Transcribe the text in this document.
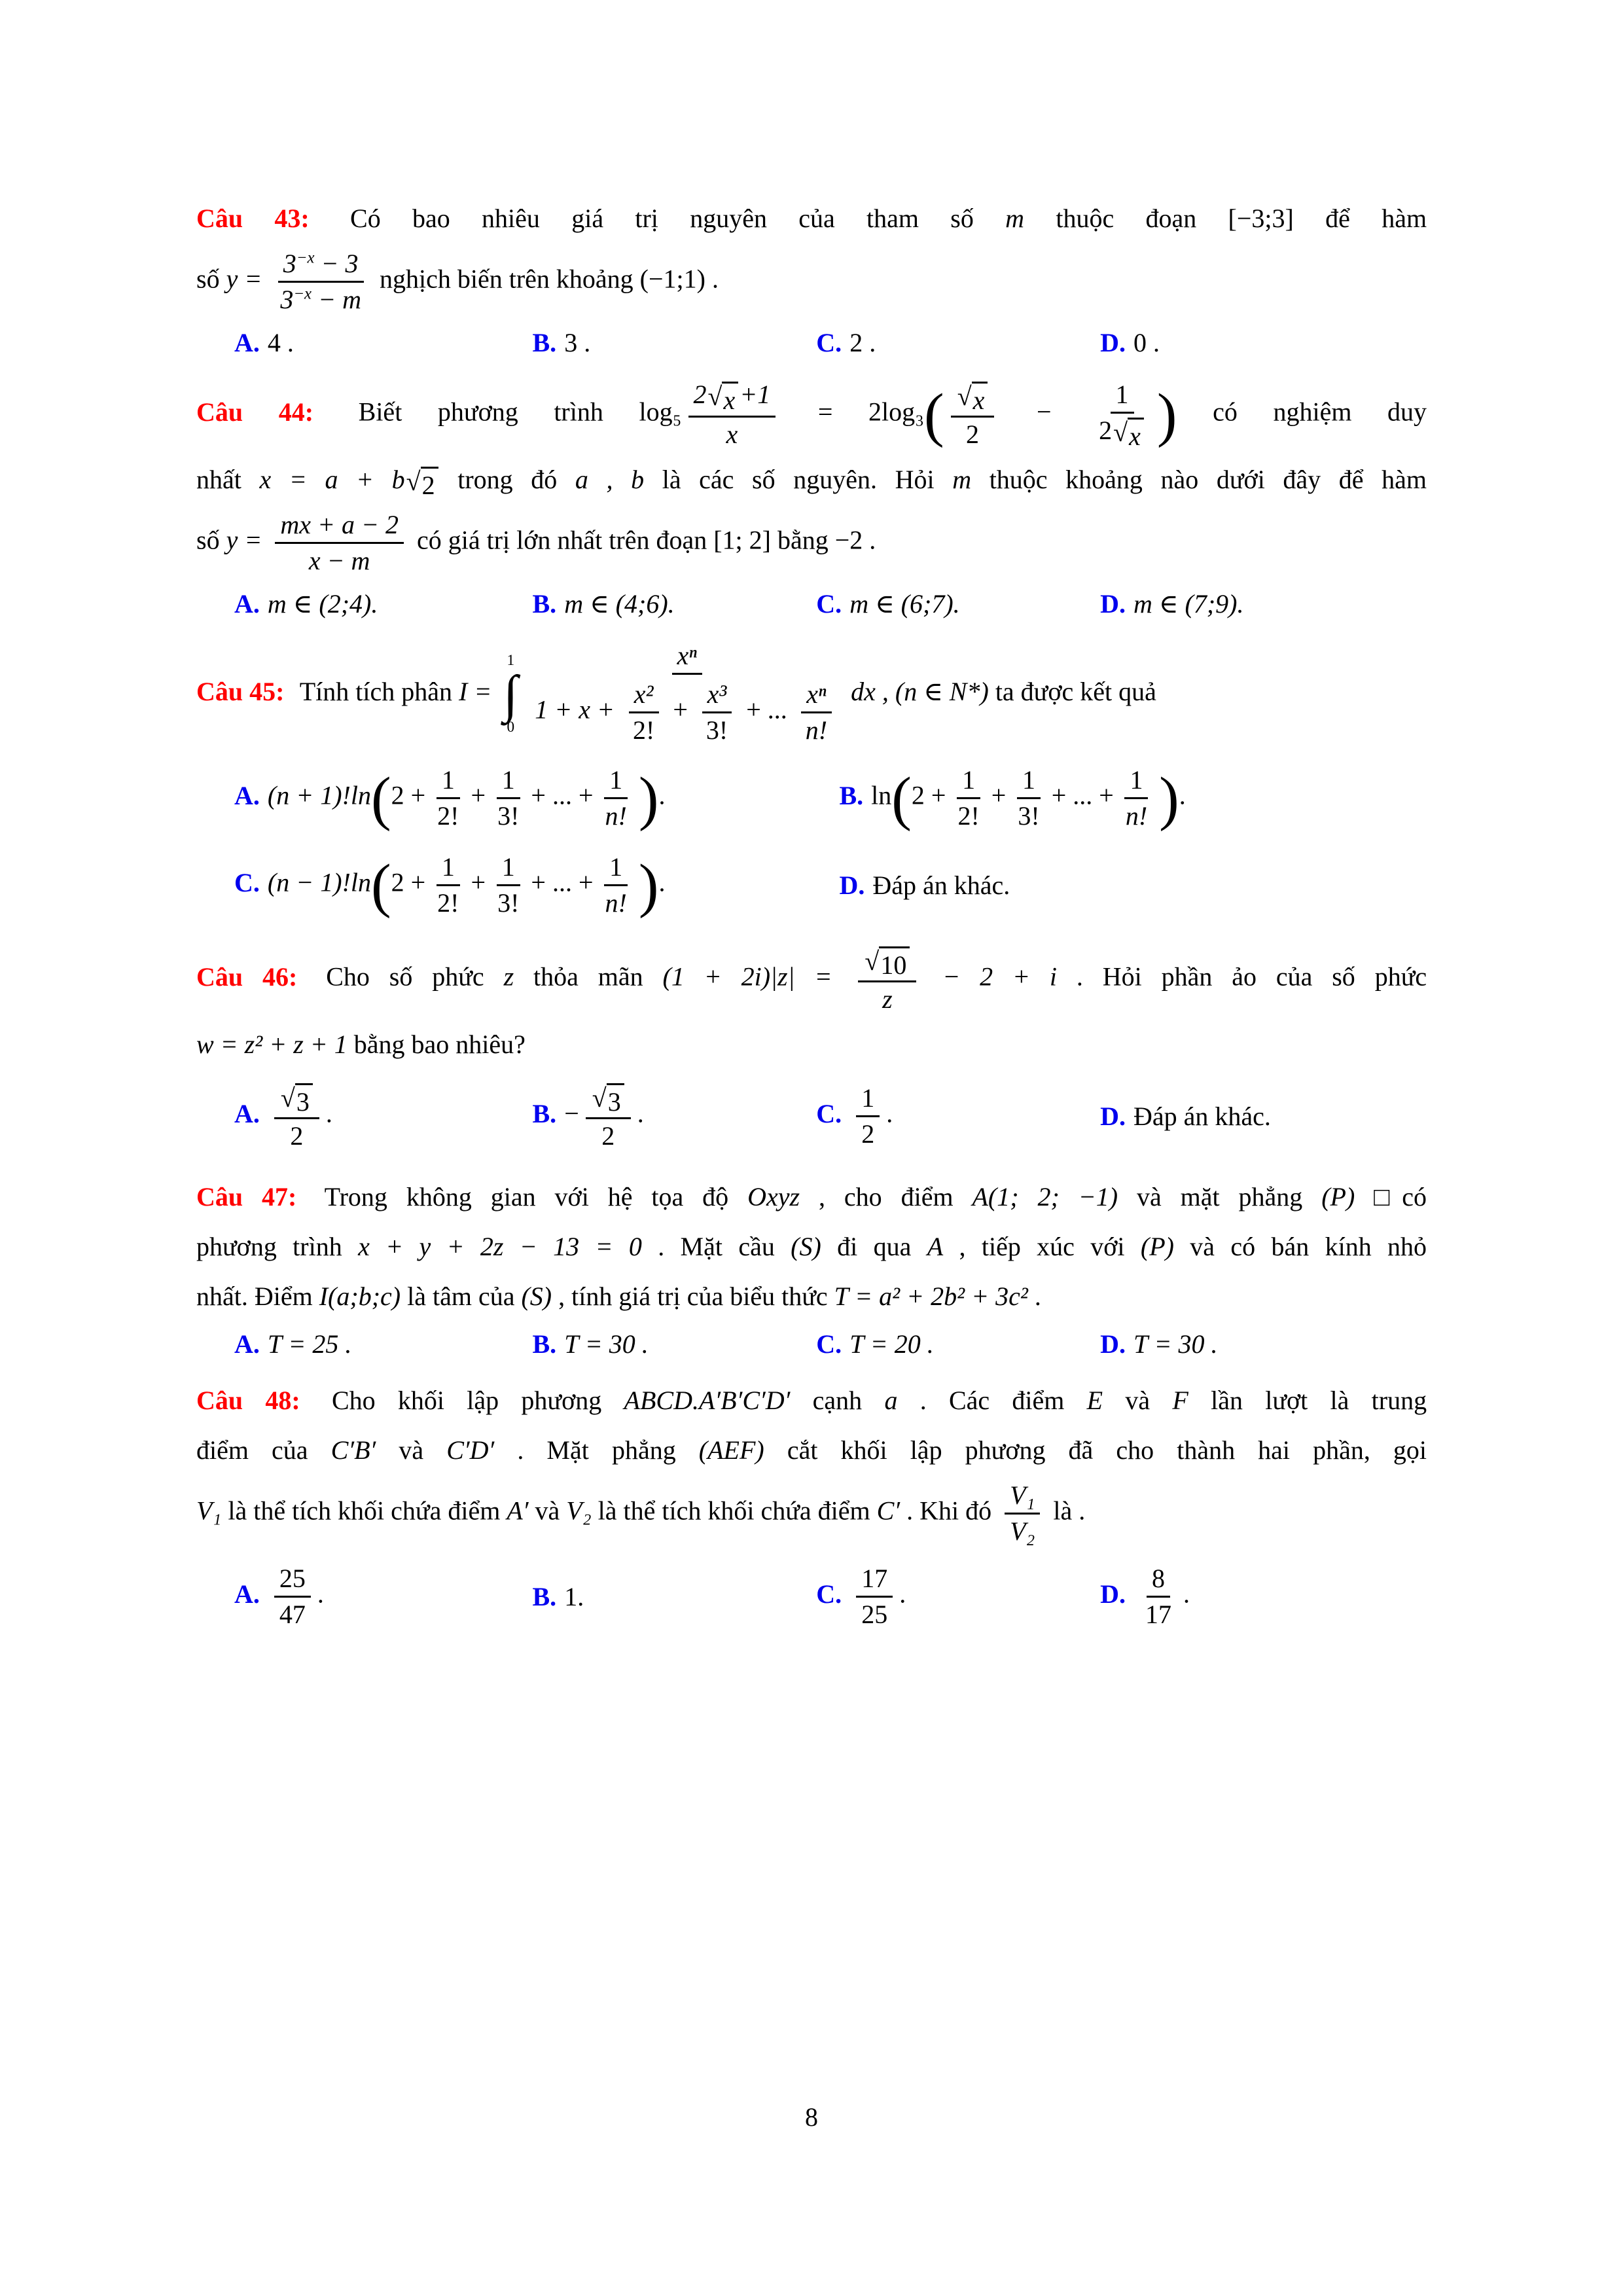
Câu 43: Có bao nhiêu giá trị nguyên của tham số m thuộc đoạn [−3;3] để hàm
số $y = \frac{3^{-x} - 3}{3^{-x} - m}$ nghịch biến trên khoảng (−1;1) .
A. 4 .	B. 3 .	C. 2 .	D. 0 .
Câu 44: Biết phương trình $\log_5 \frac{2 √ x +1}{x} = 2\log_3( \frac{√ x}{2} - \frac{1}{2 √ x}$ ) có nghiệm duy
nhất x = a + b √ 2 trong đó a , b là các số nguyên. Hỏi m thuộc khoảng nào dưới đây để hàm
số $y = \frac{mx + a - 2}{x - m}$ có giá trị lớn nhất trên đoạn [1; 2] bằng −2 .
A. m ∈ (2;4).	B. m ∈ (4;6).	C. m ∈ (6;7).	D. m ∈ (7;9).
Câu 45: Tính tích phân I =
1
∫
$0 \frac{\text{xⁿ}}{1 + x + \frac{\text{x²}}{2!} + \frac{\text{x³}}{3!} + ... \frac{\text{xⁿ}}{n!}}$ dx , (n ∈ N*) ta được kết quả
A. $(n + 1)!\ln(2 + \frac{1}{2!} + \frac{1}{3!}$ + ... + $\frac{1}{n!}$ ).	B. $\ln(2 + \frac{1}{2!} + \frac{1}{3!}$ + ... + $\frac{1}{n!}$ ).
C. $(n - 1)!\ln(2 + \frac{1}{2!} + \frac{1}{3!}$ + ... + $\frac{1}{n!}$ ).	D. Đáp án khác.
Câu 46: Cho số phức z thỏa mãn $(1 + 2i)|z| = \frac{√ 10}{z} - 2 + i$ . Hỏi phần ảo của số phức
w = z² + z + 1 bằng bao nhiêu?
A. $\frac{√ 3}{2}$ .	B. − $\frac{√ 3}{2}$ .	C. $\frac{1}{2}$ .	D. Đáp án khác.
Câu 47: Trong không gian với hệ tọa độ Oxyz , cho điểm A(1; 2; −1) và mặt phẳng (P) □có
phương trình x + y + 2z − 13 = 0 . Mặt cầu (S) đi qua A , tiếp xúc với (P) và có bán kính nhỏ
nhất. Điểm I(a;b;c) là tâm của (S) , tính giá trị của biểu thức T = a² + 2b² + 3c² .
A. T = 25 .	B. T = 30 .	C. T = 20 .	D. T = 30 .
Câu 48: Cho khối lập phương ABCD.A′B′C′D′ cạnh a . Các điểm E và F lần lượt là trung
điểm của C′B′ và C′D′ . Mặt phẳng (AEF) cắt khối lập phương đã cho thành hai phần, gọi
V₁ là thể tích khối chứa điểm A′ và V₂ là thể tích khối chứa điểm C′ . Khi đó $\frac{\text{V₁}}{\text{V₂}}$ là .
A. $\frac{25}{47}$ .	B. 1.	C. $\frac{17}{25}$ .	D. $\frac{8}{17}$ .
8
